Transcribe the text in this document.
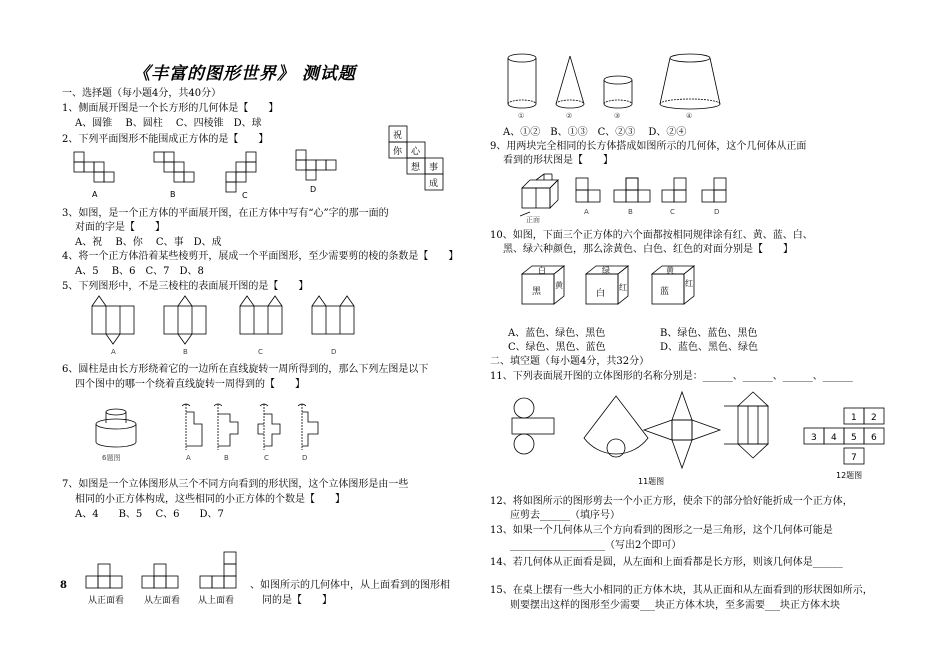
《丰富的图形世界》 测试题
一、选择题（每小题4分，共40分）
1、侧面展开图是一个长方形的几何体是【　　】
A、圆锥　 B、圆柱　 C、四棱锥　D、球
2、下列平面图形不能围成正方体的是【　　】
A	B	C
D
祝
你 心
想 事
成
3、如图，是一个正方体的平面展开图，在正方体中写有“心”字的那一面的
对面的字是【　　】
A、祝　 B、你　 C、事　D、成
4、将一个正方体沿着某些棱剪开，展成一个平面图形，至少需要剪的棱的条数是【　　】
A、5　 B、6　C、7　D、8
5、下列图形中，不是三棱柱的表面展开图的是【　　】
A	B	C	D
6、圆柱是由长方形绕着它的一边所在直线旋转一周所得到的，那么下列左图是以下
四个图中的哪一个绕着直线旋转一周得到的【　　】
6题图	A	B	C	D
7、如图是一个立体图形从三个不同方向看到的形状图，这个立体图形是由一些
相同的小正方体构成，这些相同的小正方体的个数是【　　】
A、4　　B、5　 C、6　　D、7
8
从正面看 从左面看 从上面看
、如图所示的几何体中，从上面看到的图形相
同的是【　　】
①	②	③	④
A、①②　B、①③　C、②③　 D、②④
9、用两块完全相同的长方体搭成如图所示的几何体，这个几何体从正面
看到的形状图是【　　】
正面
A	B	C	D
10、如图，下面三个正方体的六个面都按相同规律涂有红、黄、蓝、白、
黑、绿六种颜色，那么涂黄色、白色、红色的对面分别是【　　】
白
黑
黄
绿
白
红
黄
蓝
红
A、蓝色、绿色、黑色	B、绿色、蓝色、黑色
C、绿色、黑色、蓝色	D、蓝色、黑色、绿色
二、填空题（每小题4分，共32分）
11、下列表面展开图的立体图形的名称分别是：______、______、______、______
11题图
1 2
3 4 5 6
7
12题图
12、将如图所示的图形剪去一个小正方形，使余下的部分恰好能折成一个正方体，
应剪去______（填序号）
13、如果一个几何体从三个方向看到的图形之一是三角形，这个几何体可能是
___________________（写出2个即可）
14、若几何体从正面看是圆，从左面和上面看都是长方形，则该几何体是______
15、在桌上摆有一些大小相同的正方体木块，其从正面和从左面看到的形状图如所示，
则要摆出这样的图形至少需要___块正方体木块，至多需要___块正方体木块
